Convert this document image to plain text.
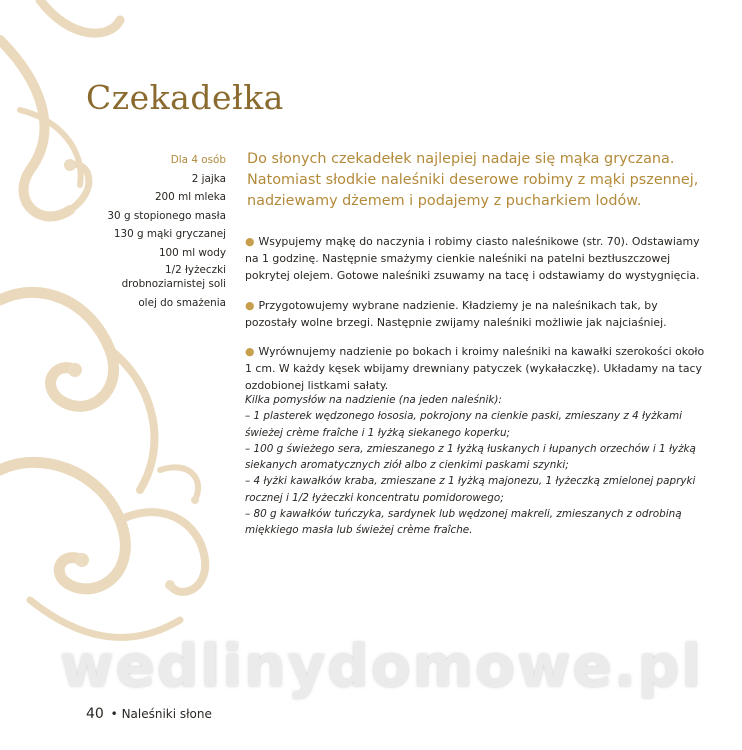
Czekadełka
Dla 4 osób
2 jajka
200 ml mleka
30 g stopionego masła
130 g mąki gryczanej
100 ml wody
1/2 łyżeczki
drobnoziarnistej soli
olej do smażenia
Do słonych czekadełek najlepiej nadaje się mąka gryczana.
Natomiast słodkie naleśniki deserowe robimy z mąki pszennej,
nadziewamy dżemem i podajemy z pucharkiem lodów.
● Wsypujemy mąkę do naczynia i robimy ciasto naleśnikowe (str. 70). Odstawiamy
na 1 godzinę. Następnie smażymy cienkie naleśniki na patelni beztłuszczowej
pokrytej olejem. Gotowe naleśniki zsuwamy na tacę i odstawiamy do wystygnięcia.
● Przygotowujemy wybrane nadzienie. Kładziemy je na naleśnikach tak, by
pozostały wolne brzegi. Następnie zwijamy naleśniki możliwie jak najciaśniej.
● Wyrównujemy nadzienie po bokach i kroimy naleśniki na kawałki szerokości około
1 cm. W każdy kęsek wbijamy drewniany patyczek (wykałaczkę). Układamy na tacy
ozdobionej listkami sałaty.
Kilka pomysłów na nadzienie (na jeden naleśnik):
– 1 plasterek wędzonego łososia, pokrojony na cienkie paski, zmieszany z 4 łyżkami
świeżej crème fraîche i 1 łyżką siekanego koperku;
– 100 g świeżego sera, zmieszanego z 1 łyżką łuskanych i łupanych orzechów i 1 łyżką
siekanych aromatycznych ziół albo z cienkimi paskami szynki;
– 4 łyżki kawałków kraba, zmieszane z 1 łyżką majonezu, 1 łyżeczką zmielonej papryki
rocznej i 1/2 łyżeczki koncentratu pomidorowego;
– 80 g kawałków tuńczyka, sardynek lub wędzonej makreli, zmieszanych z odrobiną
miękkiego masła lub świeżej crème fraîche.
wedlinydomowe.pl
40 • Naleśniki słone
